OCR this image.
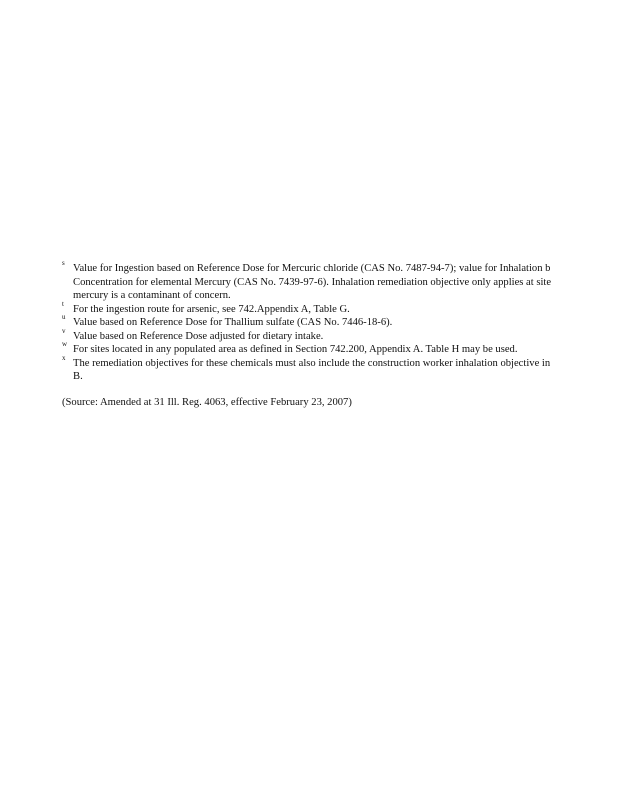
s Value for Ingestion based on Reference Dose for Mercuric chloride (CAS No. 7487-94-7); value for Inhalation b
Concentration for elemental Mercury (CAS No. 7439-97-6). Inhalation remediation objective only applies at site
mercury is a contaminant of concern.
t For the ingestion route for arsenic, see 742.Appendix A, Table G.
u Value based on Reference Dose for Thallium sulfate (CAS No. 7446-18-6).
v Value based on Reference Dose adjusted for dietary intake.
w For sites located in any populated area as defined in Section 742.200, Appendix A. Table H may be used.
x The remediation objectives for these chemicals must also include the construction worker inhalation objective in
B.
(Source: Amended at 31 Ill. Reg. 4063, effective February 23, 2007)
